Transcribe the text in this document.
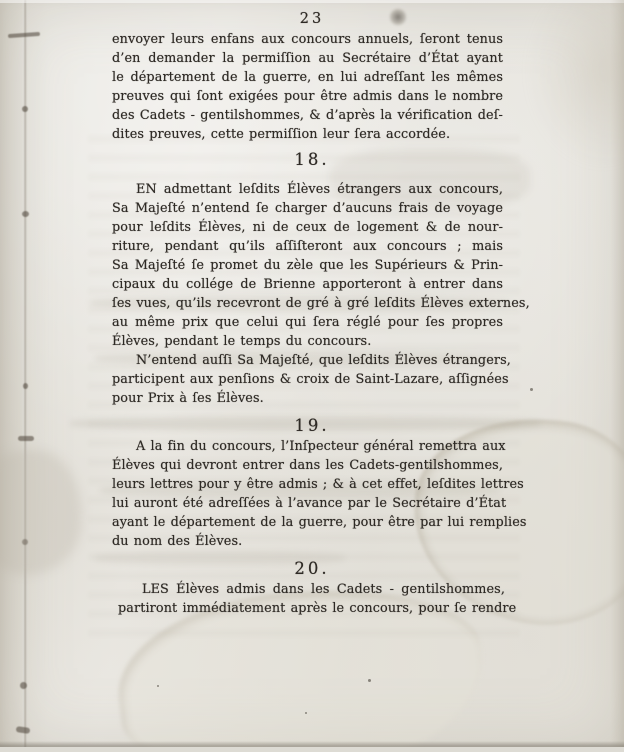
23
envoyer leurs enfans aux concours annuels, ſeront tenus
d’en demander la permiſſion au Secrétaire d’État ayant
le département de la guerre, en lui adreſſant les mêmes
preuves qui ſont exigées pour être admis dans le nombre
des Cadets - gentilshommes, & d’après la vérification deſ-
dites preuves, cette permiſſion leur ſera accordée.
18.
EN admettant leſdits Élèves étrangers aux concours,
Sa Majeſté n’entend ſe charger d’aucuns frais de voyage
pour leſdits Élèves, ni de ceux de logement & de nour-
riture, pendant qu’ils aſſiſteront aux concours ; mais
Sa Majeſté ſe promet du zèle que les Supérieurs & Prin-
cipaux du collége de Brienne apporteront à entrer dans
ſes vues, qu’ils recevront de gré à gré leſdits Élèves externes,
au même prix que celui qui ſera réglé pour ſes propres
Élèves, pendant le temps du concours.
N’entend auſſi Sa Majeſté, que leſdits Élèves étrangers,
participent aux penſions & croix de Saint-Lazare, aſſignées
pour Prix à ſes Élèves.
19.
A la fin du concours, l’Inſpecteur général remettra aux
Élèves qui devront entrer dans les Cadets-gentilshommes,
leurs lettres pour y être admis ; & à cet effet, leſdites lettres
lui auront été adreſſées à l’avance par le Secrétaire d’État
ayant le département de la guerre, pour être par lui remplies
du nom des Élèves.
20.
LES Élèves admis dans les Cadets - gentilshommes,
partiront immédiatement après le concours, pour ſe rendre
